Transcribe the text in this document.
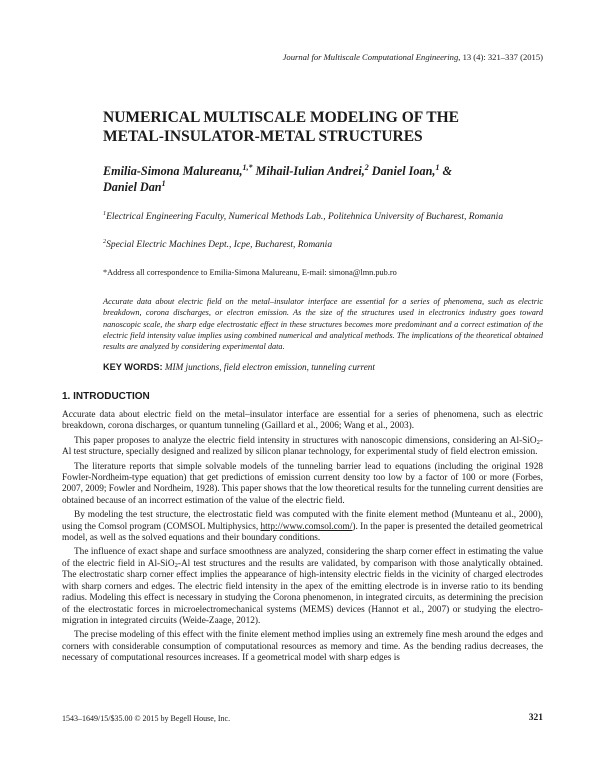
Journal for Multiscale Computational Engineering, 13 (4): 321–337 (2015)
NUMERICAL MULTISCALE MODELING OF THE
METAL-INSULATOR-METAL STRUCTURES
Emilia-Simona Malureanu,$^{1,*}$ Mihail-Iulian Andrei,$^2$ Daniel Ioan,$^1$ &
Daniel Dan$^1$
$^1$Electrical Engineering Faculty, Numerical Methods Lab., Politehnica University of Bucharest, Romania
$^2$Special Electric Machines Dept., Icpe, Bucharest, Romania
*Address all correspondence to Emilia-Simona Malureanu, E-mail: simona@lmn.pub.ro
Accurate data about electric field on the metal–insulator interface are essential for a series of phenomena, such as electric breakdown, corona discharges, or electron emission. As the size of the structures used in electronics industry goes toward nanoscopic scale, the sharp edge electrostatic effect in these structures becomes more predominant and a correct estimation of the electric field intensity value implies using combined numerical and analytical methods. The implications of the theoretical obtained results are analyzed by considering experimental data.
KEY WORDS: MIM junctions, field electron emission, tunneling current
1. INTRODUCTION

Accurate data about electric field on the metal–insulator interface are essential for a series of phenomena, such as electric breakdown, corona discharges, or quantum tunneling (Gaillard et al., 2006; Wang et al., 2003).

This paper proposes to analyze the electric field intensity in structures with nanoscopic dimensions, considering an Al-SiO$_2$-Al test structure, specially designed and realized by silicon planar technology, for experimental study of field electron emission.

The literature reports that simple solvable models of the tunneling barrier lead to equations (including the original 1928 Fowler-Nordheim-type equation) that get predictions of emission current density too low by a factor of 100 or more (Forbes, 2007, 2009; Fowler and Nordheim, 1928). This paper shows that the low theoretical results for the tunneling current densities are obtained because of an incorrect estimation of the value of the electric field.

By modeling the test structure, the electrostatic field was computed with the finite element method (Munteanu et al., 2000), using the Comsol program (COMSOL Multiphysics, http://www.comsol.com/). In the paper is presented the detailed geometrical model, as well as the solved equations and their boundary conditions.

The influence of exact shape and surface smoothness are analyzed, considering the sharp corner effect in estimating the value of the electric field in Al-SiO$_2$-Al test structures and the results are validated, by comparison with those analytically obtained. The electrostatic sharp corner effect implies the appearance of high-intensity electric fields in the vicinity of charged electrodes with sharp corners and edges. The electric field intensity in the apex of the emitting electrode is in inverse ratio to its bending radius. Modeling this effect is necessary in studying the Corona phenomenon, in integrated circuits, as determining the precision of the electrostatic forces in microelectromechanical systems (MEMS) devices (Hannot et al., 2007) or studying the electro-migration in integrated circuits (Weide-Zaage, 2012).

The precise modeling of this effect with the finite element method implies using an extremely fine mesh around the edges and corners with considerable consumption of computational resources as memory and time. As the bending radius decreases, the necessary of computational resources increases. If a geometrical model with sharp edges is

1543–1649/15/$35.00 © 2015 by Begell House, Inc.	321
